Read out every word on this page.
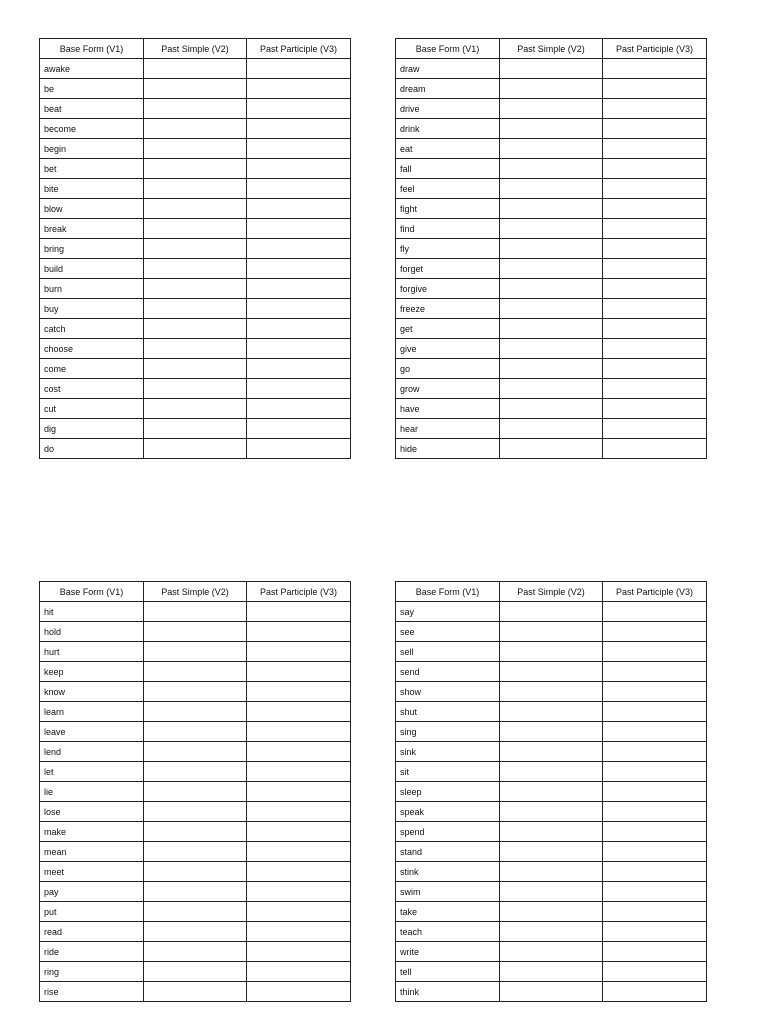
Base Form (V1)	Past Simple (V2)	Past Participle (V3)
awake		
be		
beat		
become		
begin		
bet		
bite		
blow		
break		
bring		
build		
burn		
buy		
catch		
choose		
come		
cost		
cut		
dig		
do		
Base Form (V1)	Past Simple (V2)	Past Participle (V3)
draw		
dream		
drive		
drink		
eat		
fall		
feel		
fight		
find		
fly		
forget		
forgive		
freeze		
get		
give		
go		
grow		
have		
hear		
hide		
Base Form (V1)	Past Simple (V2)	Past Participle (V3)
hit		
hold		
hurt		
keep		
know		
learn		
leave		
lend		
let		
lie		
lose		
make		
mean		
meet		
pay		
put		
read		
ride		
ring		
rise		
Base Form (V1)	Past Simple (V2)	Past Participle (V3)
say		
see		
sell		
send		
show		
shut		
sing		
sink		
sit		
sleep		
speak		
spend		
stand		
stink		
swim		
take		
teach		
write		
tell		
think		
